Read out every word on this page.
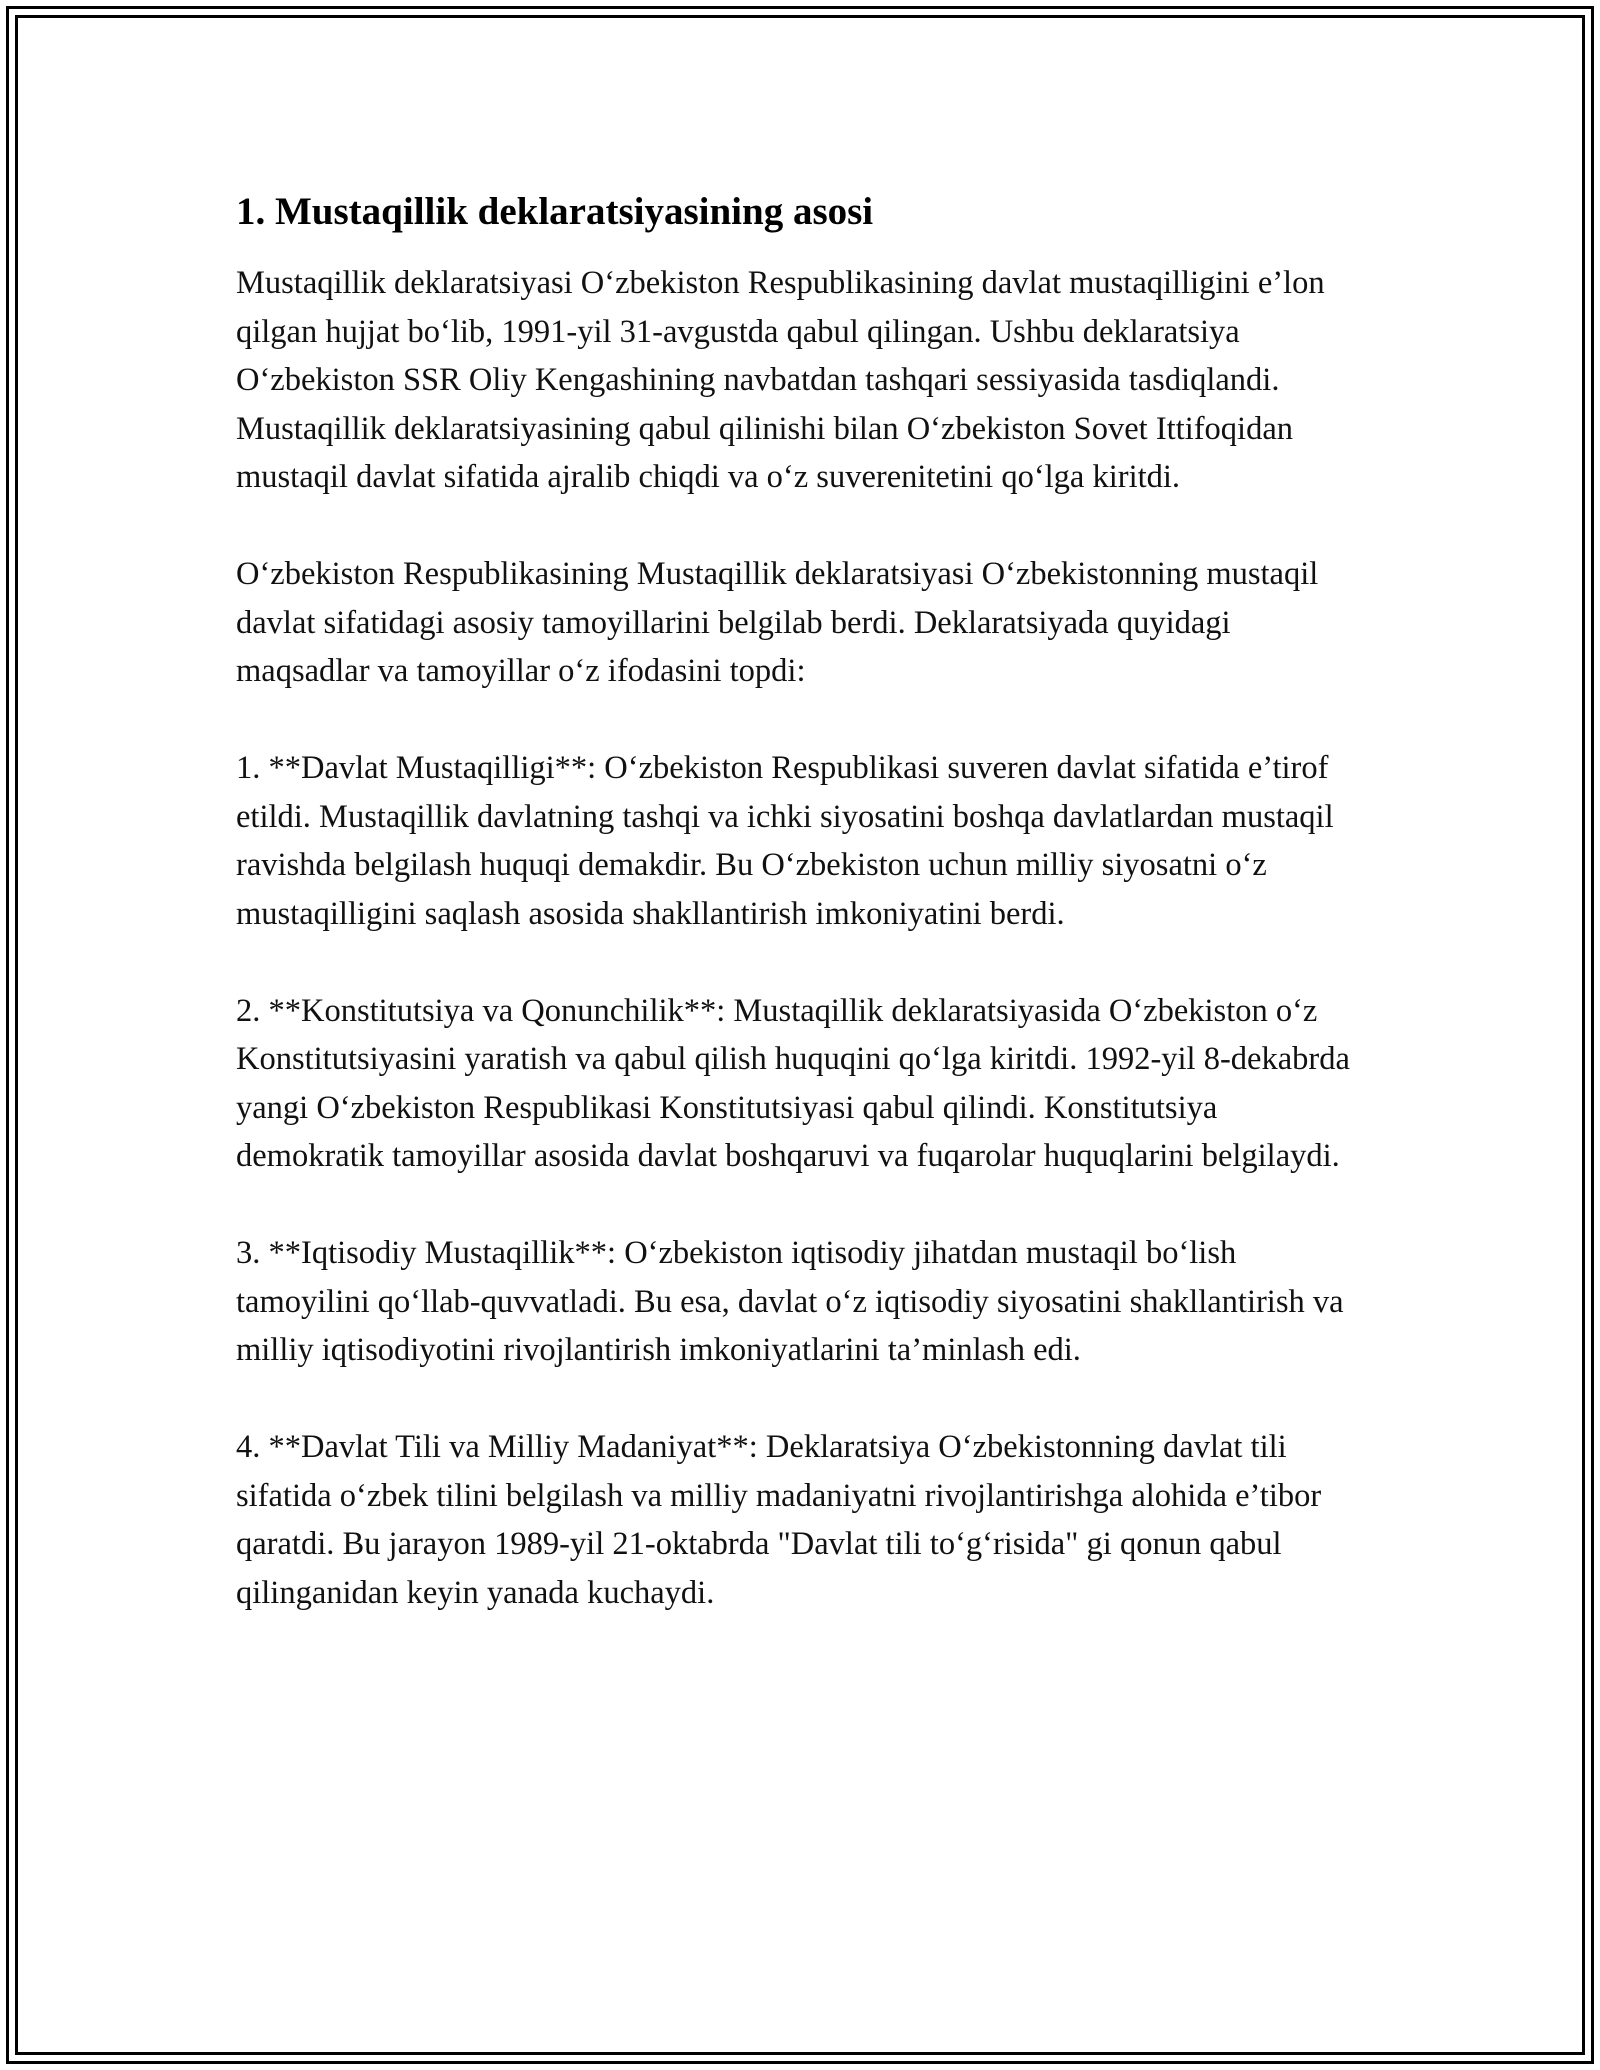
1. Mustaqillik deklaratsiyasining asosi

Mustaqillik deklaratsiyasi O‘zbekiston Respublikasining davlat mustaqilligini e’lon qilgan hujjat bo‘lib, 1991-yil 31-avgustda qabul qilingan. Ushbu deklaratsiya O‘zbekiston SSR Oliy Kengashining navbatdan tashqari sessiyasida tasdiqlandi. Mustaqillik deklaratsiyasining qabul qilinishi bilan O‘zbekiston Sovet Ittifoqidan mustaqil davlat sifatida ajralib chiqdi va o‘z suverenitetini qo‘lga kiritdi.

O‘zbekiston Respublikasining Mustaqillik deklaratsiyasi O‘zbekistonning mustaqil davlat sifatidagi asosiy tamoyillarini belgilab berdi. Deklaratsiyada quyidagi maqsadlar va tamoyillar o‘z ifodasini topdi:

1. **Davlat Mustaqilligi**: O‘zbekiston Respublikasi suveren davlat sifatida e’tirof etildi. Mustaqillik davlatning tashqi va ichki siyosatini boshqa davlatlardan mustaqil ravishda belgilash huquqi demakdir. Bu O‘zbekiston uchun milliy siyosatni o‘z mustaqilligini saqlash asosida shakllantirish imkoniyatini berdi.

2. **Konstitutsiya va Qonunchilik**: Mustaqillik deklaratsiyasida O‘zbekiston o‘z Konstitutsiyasini yaratish va qabul qilish huquqini qo‘lga kiritdi. 1992-yil 8-dekabrda yangi O‘zbekiston Respublikasi Konstitutsiyasi qabul qilindi. Konstitutsiya demokratik tamoyillar asosida davlat boshqaruvi va fuqarolar huquqlarini belgilaydi.

3. **Iqtisodiy Mustaqillik**: O‘zbekiston iqtisodiy jihatdan mustaqil bo‘lish tamoyilini qo‘llab-quvvatladi. Bu esa, davlat o‘z iqtisodiy siyosatini shakllantirish va milliy iqtisodiyotini rivojlantirish imkoniyatlarini ta’minlash edi.

4. **Davlat Tili va Milliy Madaniyat**: Deklaratsiya O‘zbekistonning davlat tili sifatida o‘zbek tilini belgilash va milliy madaniyatni rivojlantirishga alohida e’tibor qaratdi. Bu jarayon 1989-yil 21-oktabrda "Davlat tili to‘g‘risida" gi qonun qabul qilinganidan keyin yanada kuchaydi.
